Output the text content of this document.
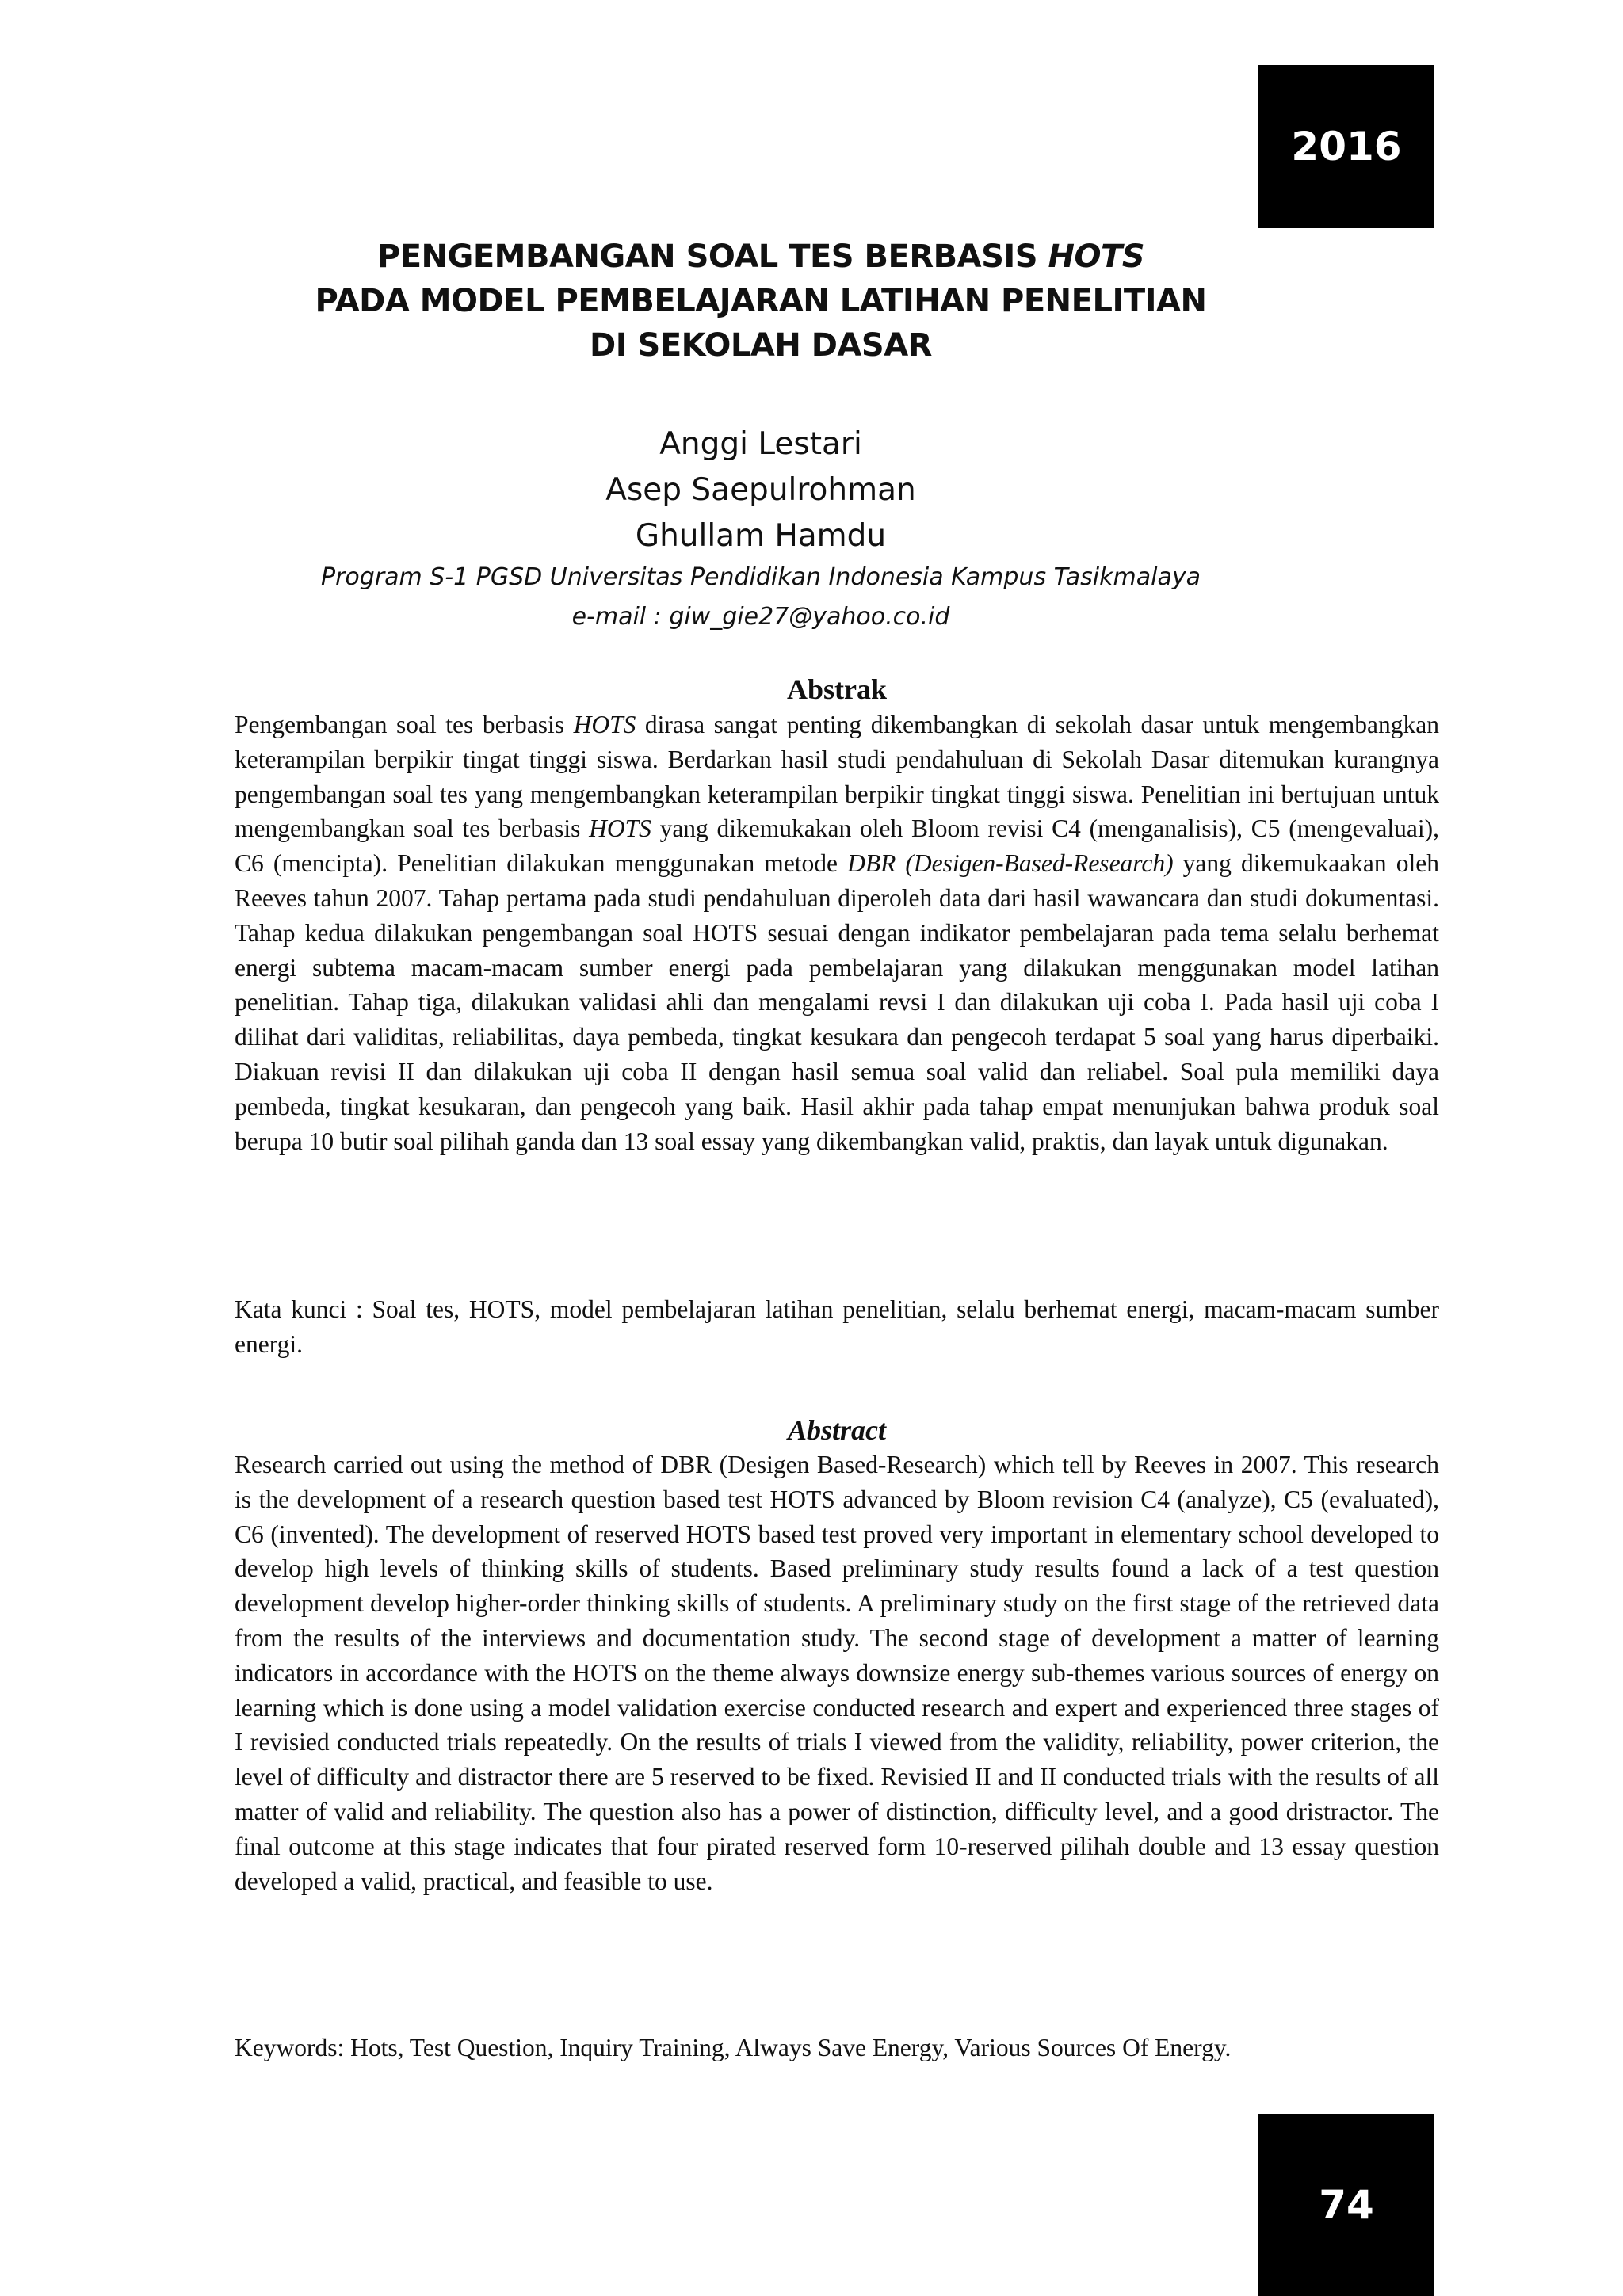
2016
PENGEMBANGAN SOAL TES BERBASIS HOTS
PADA MODEL PEMBELAJARAN LATIHAN PENELITIAN
DI SEKOLAH DASAR
Anggi Lestari
Asep Saepulrohman
Ghullam Hamdu
Program S-1 PGSD Universitas Pendidikan Indonesia Kampus Tasikmalaya
e-mail : giw_gie27@yahoo.co.id
Abstrak
Pengembangan soal tes berbasis HOTS dirasa sangat penting dikembangkan di sekolah dasar untuk mengembangkan keterampilan berpikir tingat tinggi siswa. Berdarkan hasil studi pendahuluan di Sekolah Dasar ditemukan kurangnya pengembangan soal tes yang mengembangkan keterampilan berpikir tingkat tinggi siswa. Penelitian ini bertujuan untuk mengembangkan soal tes berbasis HOTS yang dikemukakan oleh Bloom revisi C4 (menganalisis), C5 (mengevaluai), C6 (mencipta). Penelitian dilakukan menggunakan metode DBR (Desigen-Based-Research) yang dikemukaakan oleh Reeves tahun 2007. Tahap pertama pada studi pendahuluan diperoleh data dari hasil wawancara dan studi dokumentasi. Tahap kedua dilakukan pengembangan soal HOTS sesuai dengan indikator pembelajaran pada tema selalu berhemat energi subtema macam-macam sumber energi pada pembelajaran yang dilakukan menggunakan model latihan penelitian. Tahap tiga, dilakukan validasi ahli dan mengalami revsi I dan dilakukan uji coba I. Pada hasil uji coba I dilihat dari validitas, reliabilitas, daya pembeda, tingkat kesukara dan pengecoh terdapat 5 soal yang harus diperbaiki. Diakuan revisi II dan dilakukan uji coba II dengan hasil semua soal valid dan reliabel. Soal pula memiliki daya pembeda, tingkat kesukaran, dan pengecoh yang baik. Hasil akhir pada tahap empat menunjukan bahwa produk soal berupa 10 butir soal pilihah ganda dan 13 soal essay yang dikembangkan valid, praktis, dan layak untuk digunakan.
Kata kunci : Soal tes, HOTS, model pembelajaran latihan penelitian, selalu berhemat energi, macam-macam sumber energi.
Abstract
Research carried out using the method of DBR (Desigen Based-Research) which tell by Reeves in 2007. This research is the development of a research question based test HOTS advanced by Bloom revision C4 (analyze), C5 (evaluated), C6 (invented). The development of reserved HOTS based test proved very important in elementary school developed to develop high levels of thinking skills of students. Based preliminary study results found a lack of a test question development develop higher-order thinking skills of students. A preliminary study on the first stage of the retrieved data from the results of the interviews and documentation study. The second stage of development a matter of learning indicators in accordance with the HOTS on the theme always downsize energy sub-themes various sources of energy on learning which is done using a model validation exercise conducted research and expert and experienced three stages of I revisied conducted trials repeatedly. On the results of trials I viewed from the validity, reliability, power criterion, the level of difficulty and distractor there are 5 reserved to be fixed. Revisied II and II conducted trials with the results of all matter of valid and reliability. The question also has a power of distinction, difficulty level, and a good dristractor. The final outcome at this stage indicates that four pirated reserved form 10-reserved pilihah double and 13 essay question developed a valid, practical, and feasible to use.
Keywords: Hots, Test Question, Inquiry Training, Always Save Energy, Various Sources Of Energy.
74
